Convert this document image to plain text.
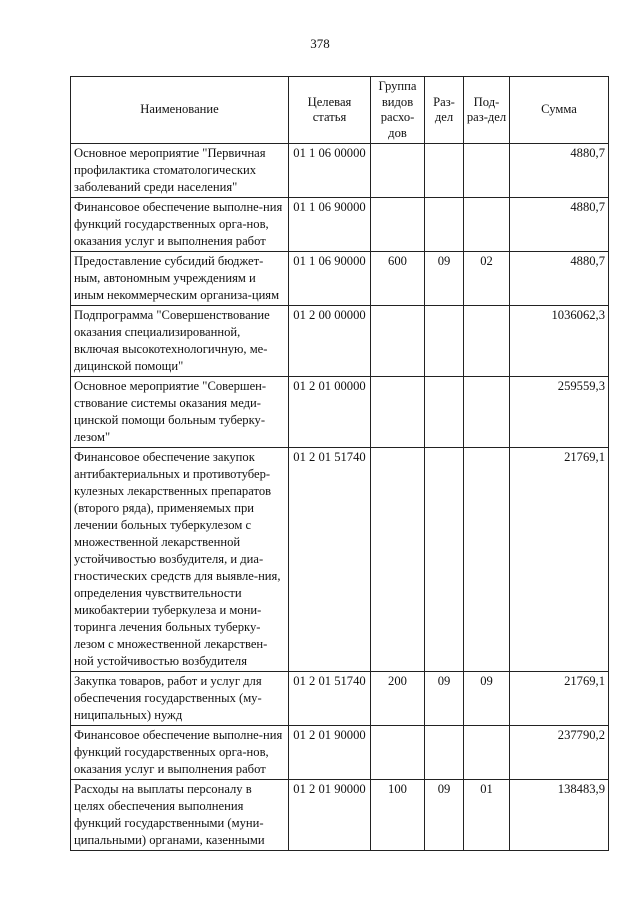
378
Наименование	Целевая статья	Группа видов расхо-дов	Раз-дел	Под-раз-дел	Сумма
Основное мероприятие "Первичная профилактика стоматологических заболеваний среди населения"	01 1 06 00000				4880,7
Финансовое обеспечение выполне-ния функций государственных орга-нов, оказания услуг и выполнения работ	01 1 06 90000				4880,7
Предоставление субсидий бюджет-ным, автономным учреждениям и иным некоммерческим организа-циям	01 1 06 90000	600	09	02	4880,7
Подпрограмма "Совершенствование оказания специализированной, включая высокотехнологичную, ме-дицинской помощи"	01 2 00 00000				1036062,3
Основное мероприятие "Совершен-ствование системы оказания меди-цинской помощи больным туберку-лезом"	01 2 01 00000				259559,3
Финансовое обеспечение закупок антибактериальных и противотубер-кулезных лекарственных препаратов (второго ряда), применяемых при лечении больных туберкулезом с множественной лекарственной устойчивостью возбудителя, и диа-гностических средств для выявле-ния, определения чувствительности микобактерии туберкулеза и мони-торинга лечения больных туберку-лезом с множественной лекарствен-ной устойчивостью возбудителя	01 2 01 51740				21769,1
Закупка товаров, работ и услуг для обеспечения государственных (му-ниципальных) нужд	01 2 01 51740	200	09	09	21769,1
Финансовое обеспечение выполне-ния функций государственных орга-нов, оказания услуг и выполнения работ	01 2 01 90000				237790,2
Расходы на выплаты персоналу в целях обеспечения выполнения функций государственными (муни-ципальными) органами, казенными	01 2 01 90000	100	09	01	138483,9
